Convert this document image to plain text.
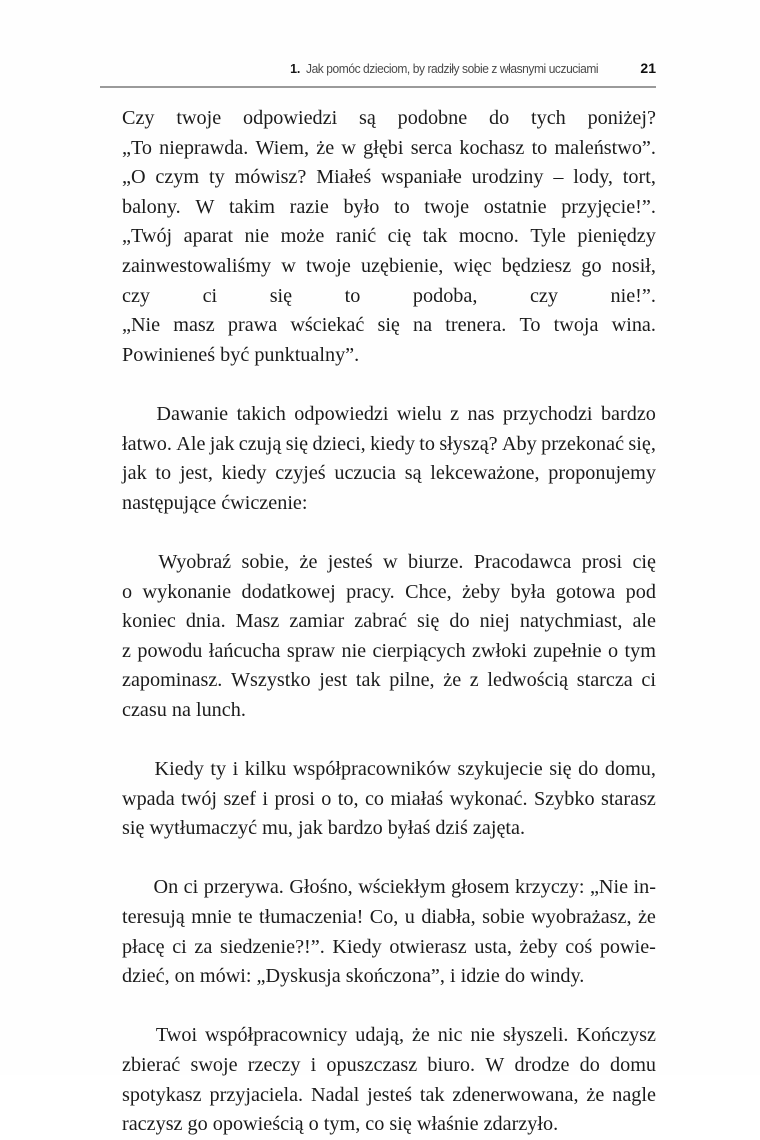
1. Jak pomóc dzieciom, by radziły sobie z własnymi uczuciami	21

Czy twoje odpowiedzi są podobne do tych poniżej?
„To nieprawda. Wiem, że w głębi serca kochasz to maleństwo”.
„O czym ty mówisz? Miałeś wspaniałe urodziny – lody, tort,
balony. W takim razie było to twoje ostatnie przyjęcie!”.
„Twój aparat nie może ranić cię tak mocno. Tyle pieniędzy
zainwestowaliśmy w twoje uzębienie, więc będziesz go nosił,
czy	ci	się	to	podoba,	czy	nie!”.
„Nie masz prawa wściekać się na trenera. To twoja wina.
Powinieneś być punktualny”.

Dawanie takich odpowiedzi wielu z nas przychodzi bardzo
łatwo. Ale jak czują się dzieci, kiedy to słyszą? Aby przekonać się,
jak to jest, kiedy czyjeś uczucia są lekceważone, proponujemy
następujące ćwiczenie:

Wyobraź sobie, że jesteś w biurze. Pracodawca prosi cię
o wykonanie dodatkowej pracy. Chce, żeby była gotowa pod
koniec dnia. Masz zamiar zabrać się do niej natychmiast, ale
z powodu łańcucha spraw nie cierpiących zwłoki zupełnie o tym
zapominasz. Wszystko jest tak pilne, że z ledwością starcza ci
czasu na lunch.

Kiedy ty i kilku współpracowników szykujecie się do domu,
wpada twój szef i prosi o to, co miałaś wykonać. Szybko starasz
się wytłumaczyć mu, jak bardzo byłaś dziś zajęta.

On ci przerywa. Głośno, wściekłym głosem krzyczy: „Nie in-
teresują mnie te tłumaczenia! Co, u diabła, sobie wyobrażasz, że
płacę ci za siedzenie?!”. Kiedy otwierasz usta, żeby coś powie-
dzieć, on mówi: „Dyskusja skończona”, i idzie do windy.

Twoi współpracownicy udają, że nic nie słyszeli. Kończysz
zbierać swoje rzeczy i opuszczasz biuro. W drodze do domu
spotykasz przyjaciela. Nadal jesteś tak zdenerwowana, że nagle
raczysz go opowieścią o tym, co się właśnie zdarzyło.
